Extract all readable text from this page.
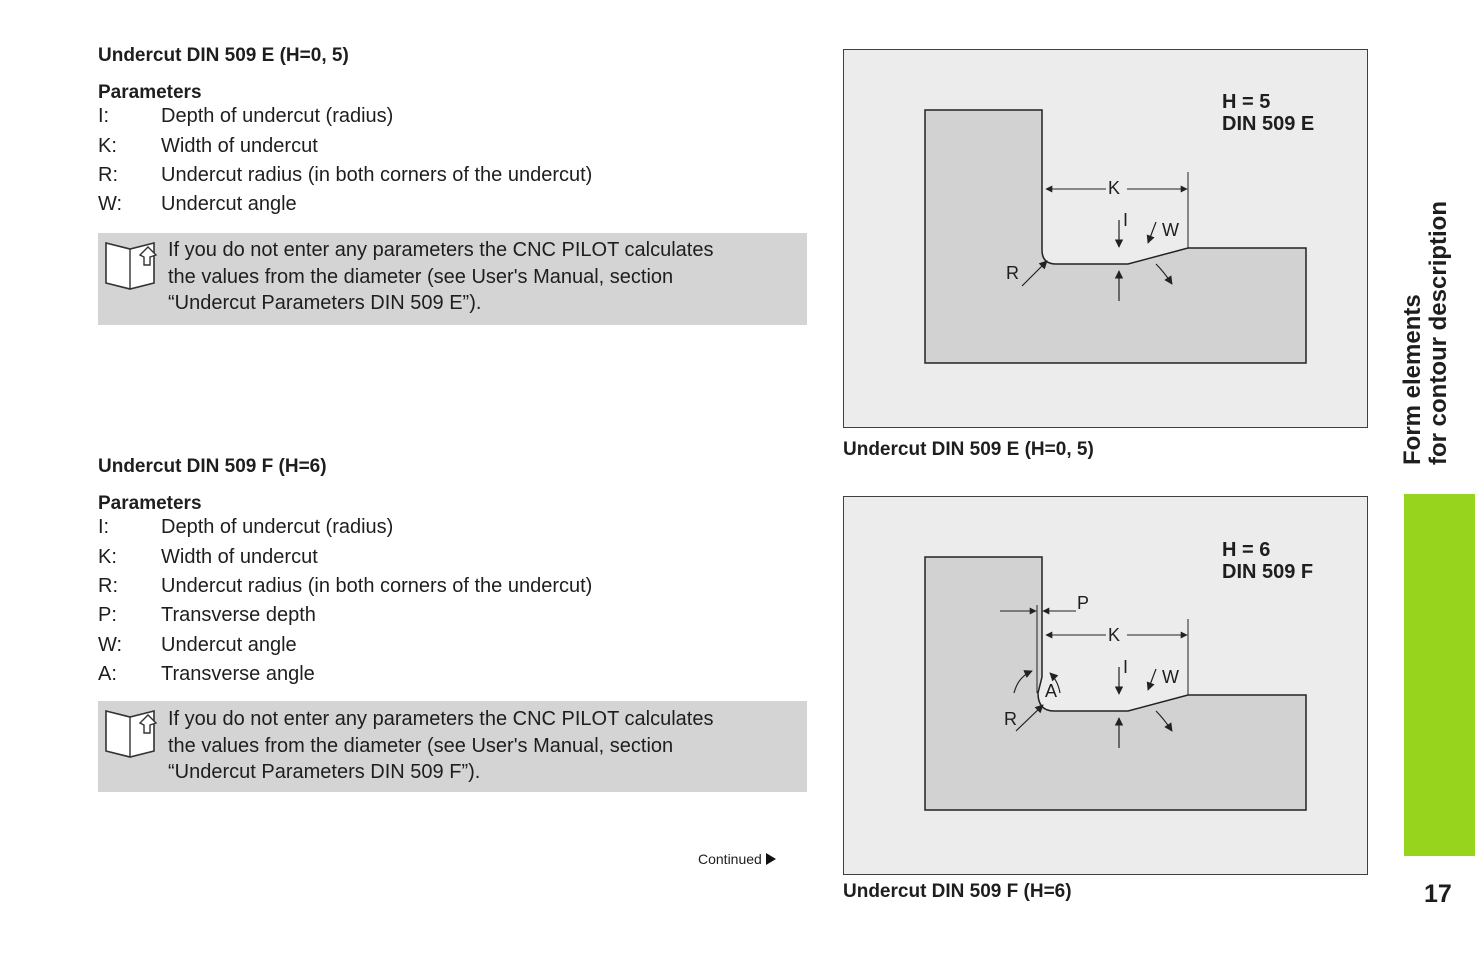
Undercut DIN 509 E (H=0, 5)
Parameters
I:	Depth of undercut (radius)
K:	Width of undercut
R:	Undercut radius (in both corners of the undercut)
W:	Undercut angle
If you do not enter any parameters the CNC PILOT calculates
the values from the diameter (see User's Manual, section
“Undercut Parameters DIN 509 E”).
Undercut DIN 509 F (H=6)
Parameters
I:	Depth of undercut (radius)
K:	Width of undercut
R:	Undercut radius (in both corners of the undercut)
P:	Transverse depth
W:	Undercut angle
A:	Transverse angle
If you do not enter any parameters the CNC PILOT calculates
the values from the diameter (see User's Manual, section
“Undercut Parameters DIN 509 F”).
Continued
H = 5
DIN 509 E
K
I W
R
Undercut DIN 509 E (H=0, 5)
H = 6
DIN 509 F
P
K
I W
A
R
Undercut DIN 509 F (H=6)
Form elements for contour description
17
